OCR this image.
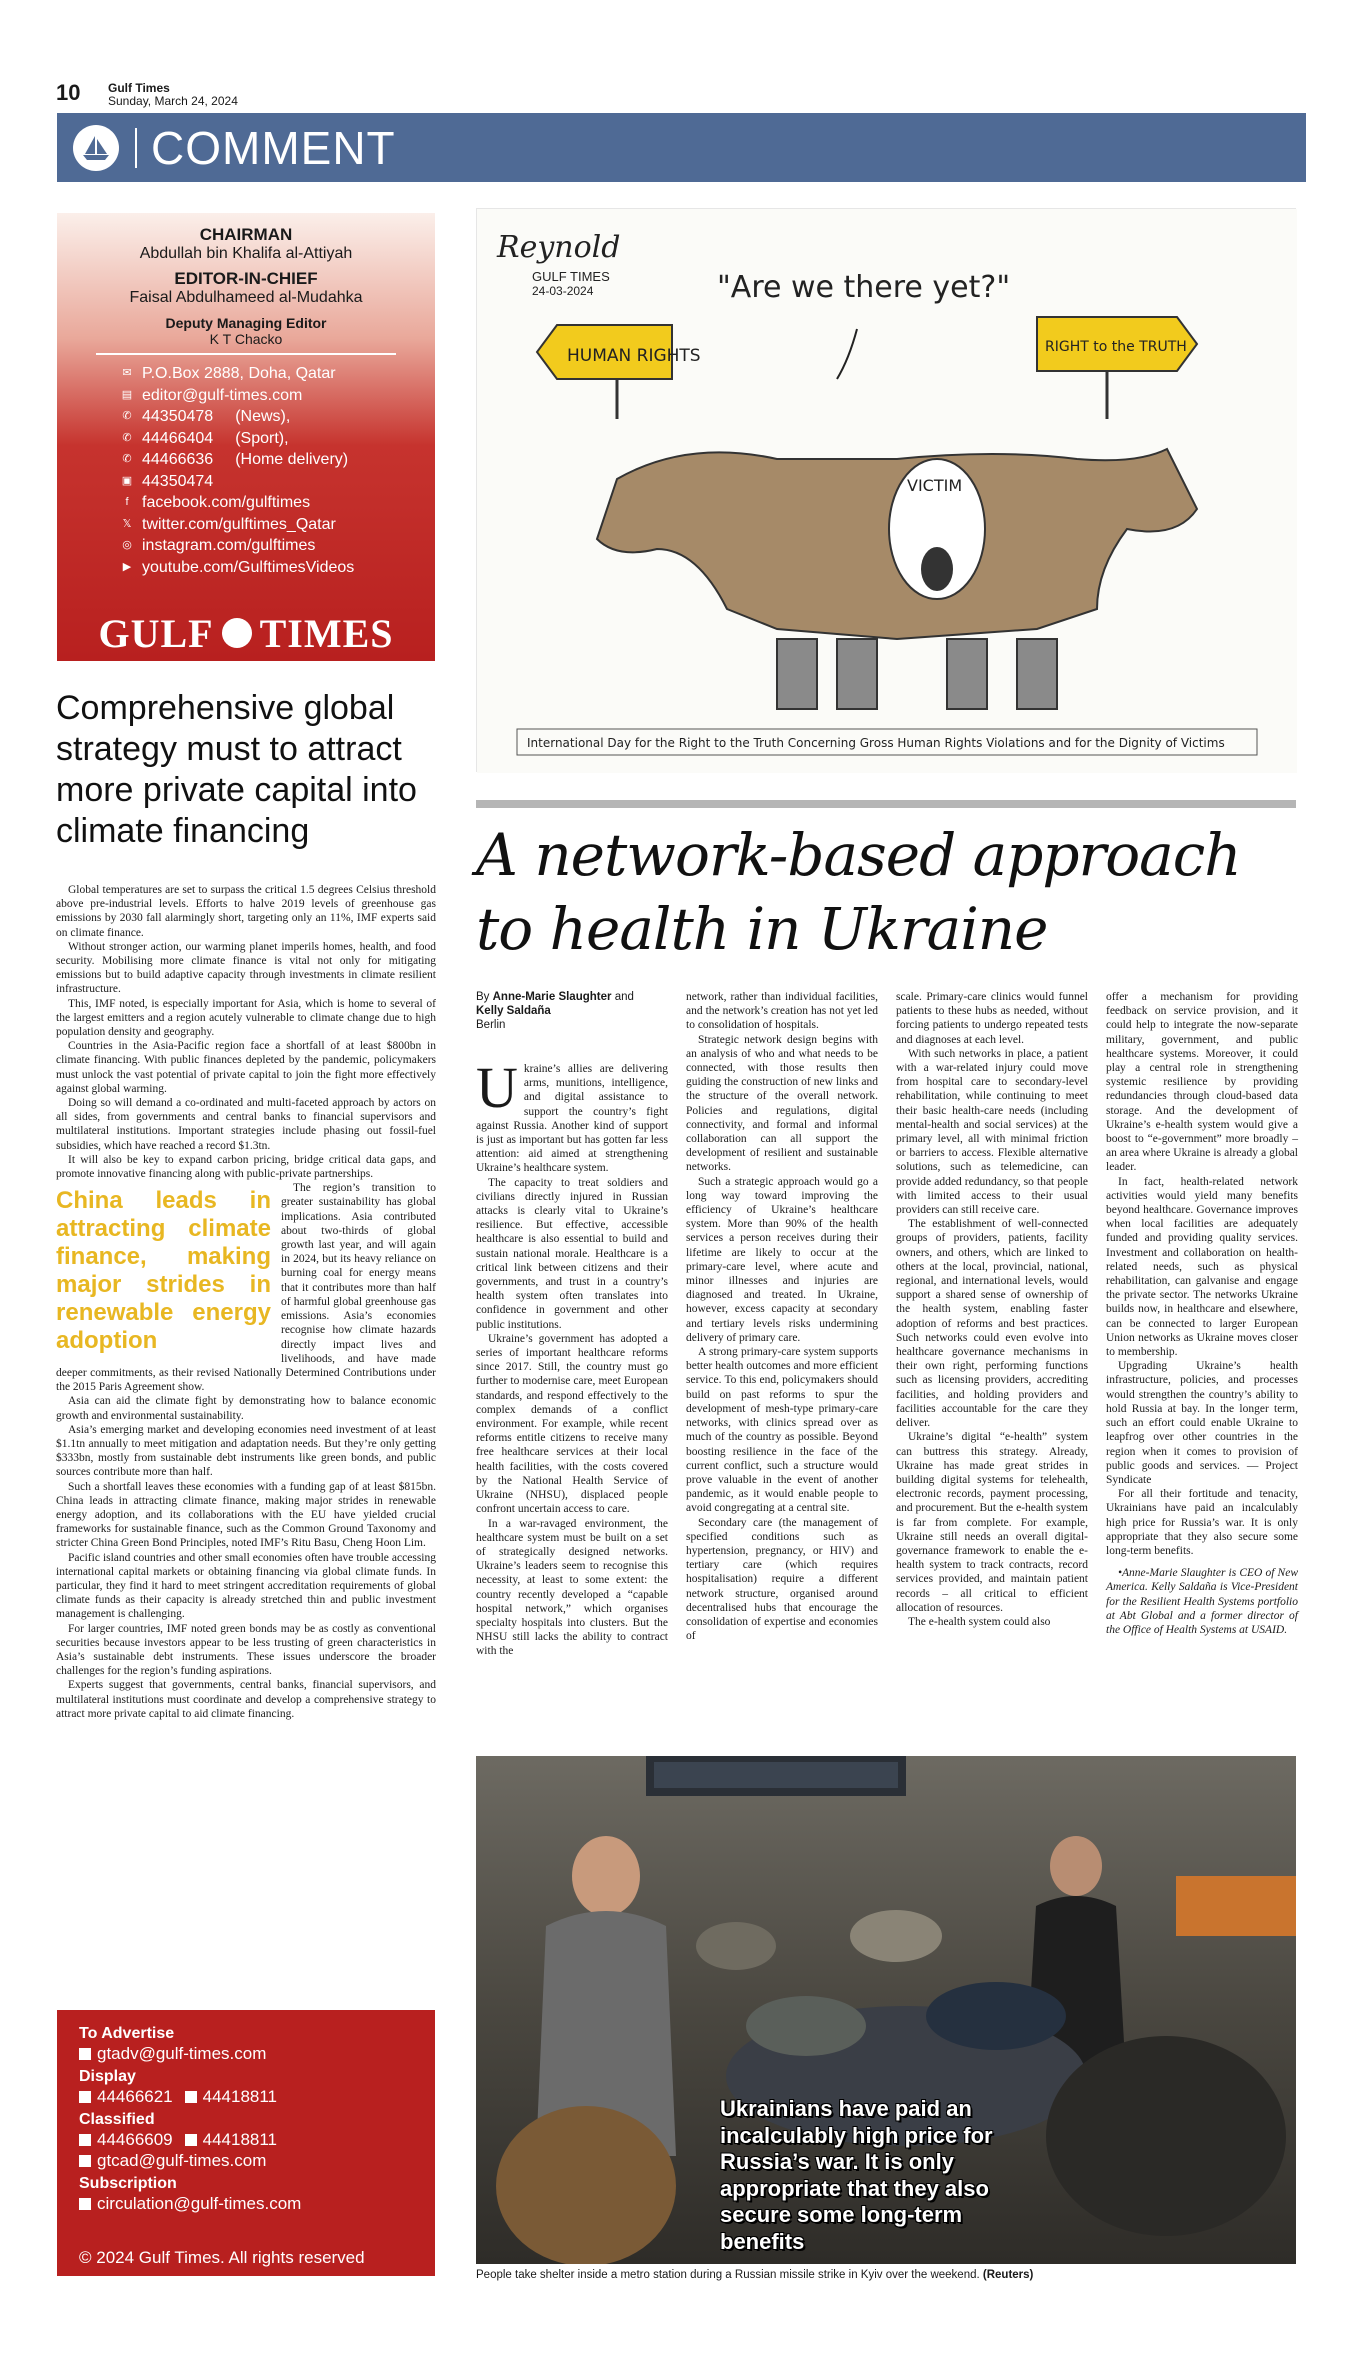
10 Gulf Times
Sunday, March 24, 2024
COMMENT
CHAIRMAN
Abdullah bin Khalifa al-Attiyah
EDITOR-IN-CHIEF
Faisal Abdulhameed al-Mudahka
Deputy Managing Editor
K T Chacko
✉ P.O.Box 2888, Doha, Qatar
▤ editor@gulf-times.com
✆ 44350478 (News),
✆ 44466404 (Sport),
✆ 44466636 (Home delivery)
▣ 44350474
f facebook.com/gulftimes
𝕏 twitter.com/gulftimes_Qatar
◎ instagram.com/gulftimes
▶ youtube.com/GulftimesVideos
GULF TIMES
Comprehensive global strategy must to attract more private capital into climate financing

Global temperatures are set to surpass the critical 1.5 degrees Celsius threshold above pre-industrial levels. Efforts to halve 2019 levels of greenhouse gas emissions by 2030 fall alarmingly short, targeting only an 11%, IMF experts said on climate finance.

Without stronger action, our warming planet imperils homes, health, and food security. Mobilising more climate finance is vital not only for mitigating emissions but to build adaptive capacity through investments in climate resilient infrastructure.

This, IMF noted, is especially important for Asia, which is home to several of the largest emitters and a region acutely vulnerable to climate change due to high population density and geography.

Countries in the Asia-Pacific region face a shortfall of at least $800bn in climate financing. With public finances depleted by the pandemic, policymakers must unlock the vast potential of private capital to join the fight more effectively against global warming.

Doing so will demand a co-ordinated and multi-faceted approach by actors on all sides, from governments and central banks to financial supervisors and multilateral institutions. Important strategies include phasing out fossil-fuel subsidies, which have reached a record $1.3tn.

It will also be key to expand carbon pricing, bridge critical data gaps, and promote innovative financing along with public-private partnerships.

China leads in attracting climate finance, making major strides in renewable energy adoption

The region’s transition to greater sustainability has global implications. Asia contributed about two-thirds of global growth last year, and will again in 2024, but its heavy reliance on burning coal for energy means that it contributes more than half of harmful global greenhouse gas emissions. Asia’s economies recognise how climate hazards directly impact lives and livelihoods, and have made deeper commitments, as their revised Nationally Determined Contributions under the 2015 Paris Agreement show.

Asia can aid the climate fight by demonstrating how to balance economic growth and environmental sustainability.

Asia’s emerging market and developing economies need investment of at least $1.1tn annually to meet mitigation and adaptation needs. But they’re only getting $333bn, mostly from sustainable debt instruments like green bonds, and public sources contribute more than half.

Such a shortfall leaves these economies with a funding gap of at least $815bn. China leads in attracting climate finance, making major strides in renewable energy adoption, and its collaborations with the EU have yielded crucial frameworks for sustainable finance, such as the Common Ground Taxonomy and stricter China Green Bond Principles, noted IMF’s Ritu Basu, Cheng Hoon Lim.

Pacific island countries and other small economies often have trouble accessing international capital markets or obtaining financing via global climate funds. In particular, they find it hard to meet stringent accreditation requirements of global climate funds as their capacity is already stretched thin and public investment management is challenging.

For larger countries, IMF noted green bonds may be as costly as conventional securities because investors appear to be less trusting of green characteristics in Asia’s sustainable debt instruments. These issues underscore the broader challenges for the region’s funding aspirations.

Experts suggest that governments, central banks, financial supervisors, and multilateral institutions must coordinate and develop a comprehensive strategy to attract more private capital to aid climate financing.

To Advertise
gtadv@gulf-times.com
Display
44466621 44418811
Classified
44466609 44418811
gtcad@gulf-times.com
Subscription
circulation@gulf-times.com
© 2024 Gulf Times. All rights reserved
Reynold
GULF TIMES
24-03-2024	"Are we there yet?"
HUMAN RIGHTS	RIGHT to the TRUTH
VICTIM
International Day for the Right to the Truth Concerning Gross Human Rights Violations and for the Dignity of Victims
A network-based approach to health in Ukraine
By Anne-Marie Slaughter and
Kelly Saldaña
Berlin

Ukraine’s allies are delivering arms, munitions, intelligence, and digital assistance to support the country’s fight against Russia. Another kind of support is just as important but has gotten far less attention: aid aimed at strengthening Ukraine’s healthcare system.

The capacity to treat soldiers and civilians directly injured in Russian attacks is clearly vital to Ukraine’s resilience. But effective, accessible healthcare is also essential to build and sustain national morale. Healthcare is a critical link between citizens and their governments, and trust in a country’s health system often translates into confidence in government and other public institutions.

Ukraine’s government has adopted a series of important healthcare reforms since 2017. Still, the country must go further to modernise care, meet European standards, and respond effectively to the complex demands of a conflict environment. For example, while recent reforms entitle citizens to receive many free healthcare services at their local health facilities, with the costs covered by the National Health Service of Ukraine (NHSU), displaced people confront uncertain access to care.

In a war-ravaged environment, the healthcare system must be built on a set of strategically designed networks. Ukraine’s leaders seem to recognise this necessity, at least to some extent: the country recently developed a “capable hospital network,” which organises specialty hospitals into clusters. But the NHSU still lacks the ability to contract with the

network, rather than individual facilities, and the network’s creation has not yet led to consolidation of hospitals.

Strategic network design begins with an analysis of who and what needs to be connected, with those results then guiding the construction of new links and the structure of the overall network. Policies and regulations, digital connectivity, and formal and informal collaboration can all support the development of resilient and sustainable networks.

Such a strategic approach would go a long way toward improving the efficiency of Ukraine’s healthcare system. More than 90% of the health services a person receives during their lifetime are likely to occur at the primary-care level, where acute and minor illnesses and injuries are diagnosed and treated. In Ukraine, however, excess capacity at secondary and tertiary levels risks undermining delivery of primary care.

A strong primary-care system supports better health outcomes and more efficient service. To this end, policymakers should build on past reforms to spur the development of mesh-type primary-care networks, with clinics spread over as much of the country as possible. Beyond boosting resilience in the face of the current conflict, such a structure would prove valuable in the event of another pandemic, as it would enable people to avoid congregating at a central site.

Secondary care (the management of specified conditions such as hypertension, pregnancy, or HIV) and tertiary care (which requires hospitalisation) require a different network structure, organised around decentralised hubs that encourage the consolidation of expertise and economies of

scale. Primary-care clinics would funnel patients to these hubs as needed, without forcing patients to undergo repeated tests and diagnoses at each level.

With such networks in place, a patient with a war-related injury could move from hospital care to secondary-level rehabilitation, while continuing to meet their basic health-care needs (including mental-health and social services) at the primary level, all with minimal friction or barriers to access. Flexible alternative solutions, such as telemedicine, can provide added redundancy, so that people with limited access to their usual providers can still receive care.

The establishment of well-connected groups of providers, patients, facility owners, and others, which are linked to others at the local, provincial, national, regional, and international levels, would support a shared sense of ownership of the health system, enabling faster adoption of reforms and best practices. Such networks could even evolve into healthcare governance mechanisms in their own right, performing functions such as licensing providers, accrediting facilities, and holding providers and facilities accountable for the care they deliver.

Ukraine’s digital “e-health” system can buttress this strategy. Already, Ukraine has made great strides in building digital systems for telehealth, electronic records, payment processing, and procurement. But the e-health system is far from complete. For example, Ukraine still needs an overall digital-governance framework to enable the e-health system to track contracts, record services provided, and maintain patient records – all critical to efficient allocation of resources.

The e-health system could also

offer a mechanism for providing feedback on service provision, and it could help to integrate the now-separate military, government, and public healthcare systems. Moreover, it could play a central role in strengthening systemic resilience by providing redundancies through cloud-based data storage. And the development of Ukraine’s e-health system would give a boost to “e-government” more broadly – an area where Ukraine is already a global leader.

In fact, health-related network activities would yield many benefits beyond healthcare. Governance improves when local facilities are adequately funded and providing quality services. Investment and collaboration on health-related needs, such as physical rehabilitation, can galvanise and engage the private sector. The networks Ukraine builds now, in healthcare and elsewhere, can be connected to larger European Union networks as Ukraine moves closer to membership.

Upgrading Ukraine’s health infrastructure, policies, and processes would strengthen the country’s ability to hold Russia at bay. In the longer term, such an effort could enable Ukraine to leapfrog over other countries in the region when it comes to provision of public goods and services. — Project Syndicate

For all their fortitude and tenacity, Ukrainians have paid an incalculably high price for Russia’s war. It is only appropriate that they also secure some long-term benefits.

•Anne-Marie Slaughter is CEO of New America. Kelly Saldaña is Vice-President for the Resilient Health Systems portfolio at Abt Global and a former director of the Office of Health Systems at USAID.

Ukrainians have paid an incalculably high price for Russia’s war. It is only appropriate that they also secure some long-term benefits
People take shelter inside a metro station during a Russian missile strike in Kyiv over the weekend. (Reuters)
